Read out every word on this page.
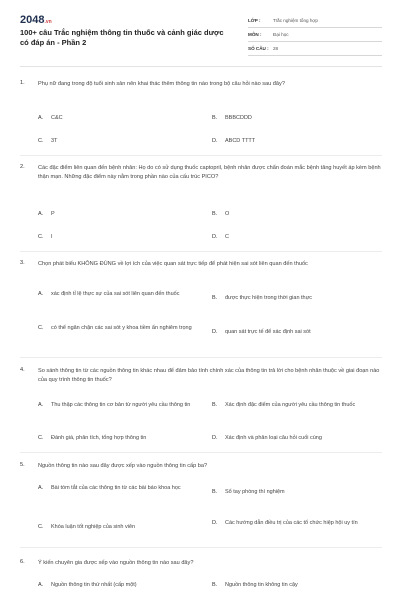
2048.vn
100+ câu Trắc nghiệm thông tin thuốc và cảnh giác dược có đáp án - Phần 2
LỚP :	Trắc nghiệm tổng hợp
MÔN :	Đại học
SỐ CÂU : 28
1. Phụ nữ đang trong độ tuổi sinh sản nên khai thác thêm thông tin nào trong bộ câu hỏi nào sau đây?
A.	C&C	B.	BBBCDDD
C.	3T	D.	ABCD TTTT
2. Các đặc điểm liên quan đến bệnh nhân: Họ do có sử dụng thuốc captopril, bệnh nhân được chẩn đoán mắc bệnh tăng huyết áp kèm bệnh thận mạn. Những đặc điểm này nằm trong phần nào của cấu trúc PICO?
A.	P	B.	O
C.	I	D.	C
3. Chọn phát biểu KHÔNG ĐÚNG về lợi ích của việc quan sát trực tiếp để phát hiện sai sót liên quan đến thuốc
A.	xác định tỉ lệ thực sự của sai sót liên quan đến thuốc
B.	được thực hiện trong thời gian thực
C.	có thể ngăn chặn các sai sót y khoa tiềm ẩn nghiêm trọng
D.	quan sát trực tế để xác định sai sót
4. So sánh thông tin từ các nguồn thông tin khác nhau để đảm bảo tính chính xác của thông tin trả lời cho bệnh nhân thuộc về giai đoạn nào của quy trình thông tin thuốc?
A.	Thu thập các thông tin cơ bản từ người yêu cầu thông tin	B.	Xác định đặc điểm của người yêu cầu thông tin thuốc
C.	Đánh giá, phân tích, tổng hợp thông tin	D.	Xác định và phân loại câu hỏi cuối cùng
5. Nguồn thông tin nào sau đây được xếp vào nguồn thông tin cấp ba?
A.	Bài tóm tắt của các thông tin từ các bài báo khoa học
B.	Sổ tay phòng thí nghiệm
C.	Khóa luận tốt nghiệp của sinh viên
D.	Các hướng dẫn điều trị của các tổ chức hiệp hội uy tín
6. Ý kiến chuyên gia được xếp vào nguồn thông tin nào sau đây?
A.	Nguồn thông tin thứ nhất (cấp một)	B.	Nguồn thông tin không tin cậy
